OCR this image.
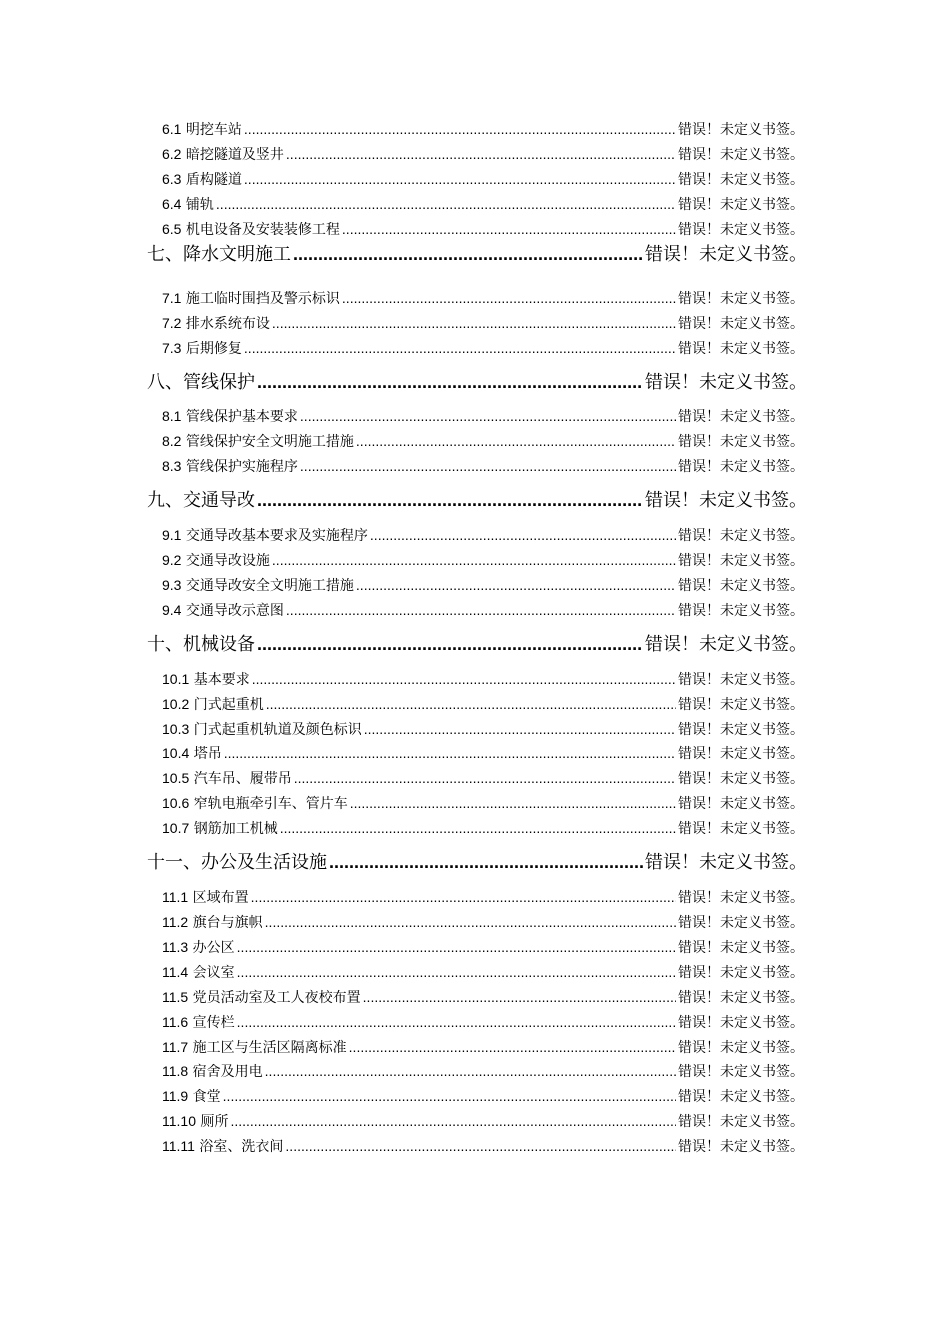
6.1 明挖车站 .....	错误！未定义书签。
6.2 暗挖隧道及竖井 .....	错误！未定义书签。
6.3 盾构隧道 .....	错误！未定义书签。
6.4 铺轨 .....	错误！未定义书签。
6.5 机电设备及安装装修工程 .....	错误！未定义书签。
七、降水文明施工 .....	错误！未定义书签。
7.1 施工临时围挡及警示标识 .....	错误！未定义书签。
7.2 排水系统布设 .....	错误！未定义书签。
7.3 后期修复 .....	错误！未定义书签。
八、管线保护 .....	错误！未定义书签。
8.1 管线保护基本要求 .....	错误！未定义书签。
8.2 管线保护安全文明施工措施 .....	错误！未定义书签。
8.3 管线保护实施程序 .....	错误！未定义书签。
九、交通导改 .....	错误！未定义书签。
9.1 交通导改基本要求及实施程序 .....	错误！未定义书签。
9.2 交通导改设施 .....	错误！未定义书签。
9.3 交通导改安全文明施工措施 .....	错误！未定义书签。
9.4 交通导改示意图 .....	错误！未定义书签。
十、机械设备 .....	错误！未定义书签。
10.1 基本要求 .....	错误！未定义书签。
10.2 门式起重机 .....	错误！未定义书签。
10.3 门式起重机轨道及颜色标识 .....	错误！未定义书签。
10.4 塔吊 .....	错误！未定义书签。
10.5 汽车吊、履带吊 .....	错误！未定义书签。
10.6 窄轨电瓶牵引车、管片车 .....	错误！未定义书签。
10.7 钢筋加工机械 .....	错误！未定义书签。
十一、办公及生活设施 .....	错误！未定义书签。
11.1 区域布置 .....	错误！未定义书签。
11.2 旗台与旗帜 .....	错误！未定义书签。
11.3 办公区 .....	错误！未定义书签。
11.4 会议室 .....	错误！未定义书签。
11.5 党员活动室及工人夜校布置 .....	错误！未定义书签。
11.6 宣传栏 .....	错误！未定义书签。
11.7 施工区与生活区隔离标准 .....	错误！未定义书签。
11.8 宿舍及用电 .....	错误！未定义书签。
11.9 食堂 .....	错误！未定义书签。
11.10 厕所 .....	错误！未定义书签。
11.11 浴室、洗衣间 .....	错误！未定义书签。
